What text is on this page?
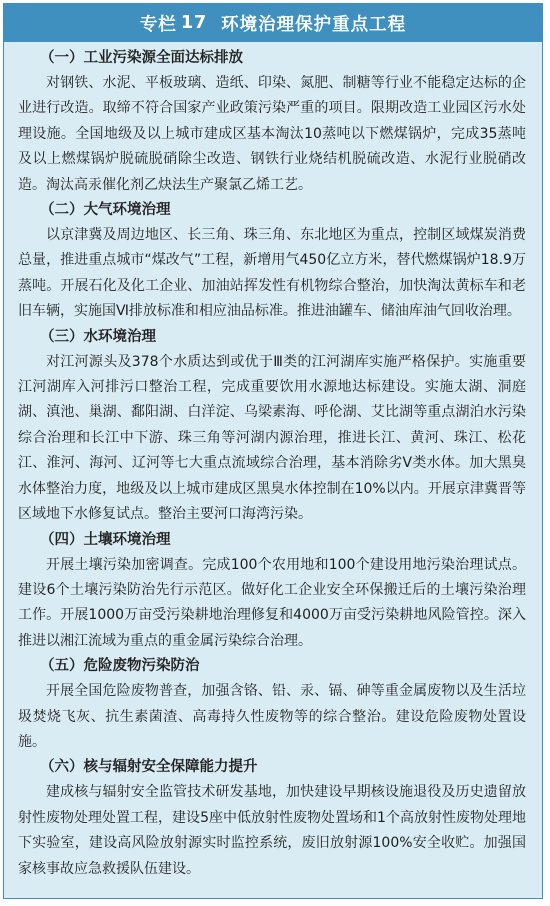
专栏 17 环境治理保护重点工程
（一）工业污染源全面达标排放

对钢铁、水泥、平板玻璃、造纸、印染、氮肥、制糖等行业不能稳定达标的企业进行改造。取缔不符合国家产业政策污染严重的项目。限期改造工业园区污水处理设施。全国地级及以上城市建成区基本淘汰10蒸吨以下燃煤锅炉，完成35蒸吨及以上燃煤锅炉脱硫脱硝除尘改造、钢铁行业烧结机脱硫改造、水泥行业脱硝改造。淘汰高汞催化剂乙炔法生产聚氯乙烯工艺。

（二）大气环境治理

以京津冀及周边地区、长三角、珠三角、东北地区为重点，控制区域煤炭消费总量，推进重点城市“煤改气”工程，新增用气450亿立方米，替代燃煤锅炉18.9万蒸吨。开展石化及化工企业、加油站挥发性有机物综合整治，加快淘汰黄标车和老旧车辆，实施国Ⅵ排放标准和相应油品标准。推进油罐车、储油库油气回收治理。

（三）水环境治理

对江河源头及378个水质达到或优于Ⅲ类的江河湖库实施严格保护。实施重要江河湖库入河排污口整治工程，完成重要饮用水源地达标建设。实施太湖、洞庭湖、滇池、巢湖、鄱阳湖、白洋淀、乌梁素海、呼伦湖、艾比湖等重点湖泊水污染综合治理和长江中下游、珠三角等河湖内源治理，推进长江、黄河、珠江、松花江、淮河、海河、辽河等七大重点流域综合治理，基本消除劣Ⅴ类水体。加大黑臭水体整治力度，地级及以上城市建成区黑臭水体控制在10%以内。开展京津冀晋等区域地下水修复试点。整治主要河口海湾污染。

（四）土壤环境治理

开展土壤污染加密调查。完成100个农用地和100个建设用地污染治理试点。建设6个土壤污染防治先行示范区。做好化工企业安全环保搬迁后的土壤污染治理工作。开展1000万亩受污染耕地治理修复和4000万亩受污染耕地风险管控。深入推进以湘江流域为重点的重金属污染综合治理。

（五）危险废物污染防治

开展全国危险废物普查，加强含铬、铅、汞、镉、砷等重金属废物以及生活垃圾焚烧飞灰、抗生素菌渣、高毒持久性废物等的综合整治。建设危险废物处置设施。

（六）核与辐射安全保障能力提升

建成核与辐射安全监管技术研发基地，加快建设早期核设施退役及历史遗留放射性废物处理处置工程，建设5座中低放射性废物处置场和1个高放射性废物处理地下实验室，建设高风险放射源实时监控系统，废旧放射源100%安全收贮。加强国家核事故应急救援队伍建设。
